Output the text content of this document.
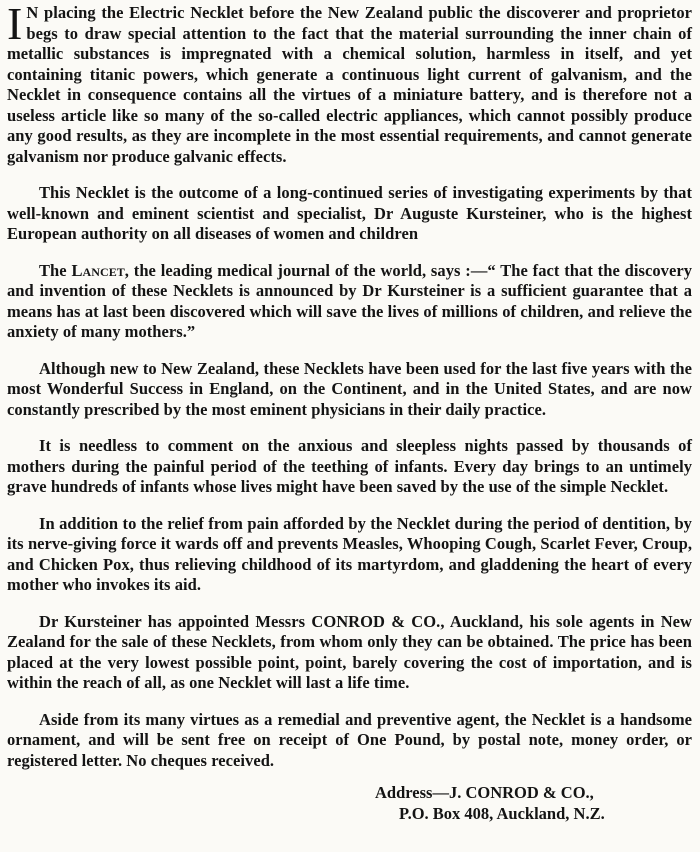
I N placing the Electric Necklet before the New Zealand public the discoverer and proprietor begs to draw special attention to the fact that the material surrounding the inner chain of metallic substances is impregnated with a chemical solution, harmless in itself, and yet containing titanic powers, which generate a continuous light current of galvanism, and the Necklet in consequence contains all the virtues of a miniature battery, and is therefore not a useless article like so many of the so-called electric appliances, which cannot possibly produce any good results, as they are incomplete in the most essential requirements, and cannot generate galvanism nor produce galvanic effects.

This Necklet is the outcome of a long-continued series of investigating experiments by that well-known and eminent scientist and specialist, Dr Auguste Kursteiner, who is the highest European authority on all diseases of women and children

The Lancet, the leading medical journal of the world, says :—“ The fact that the discovery and invention of these Necklets is announced by Dr Kursteiner is a sufficient guarantee that a means has at last been discovered which will save the lives of millions of children, and relieve the anxiety of many mothers.”

Although new to New Zealand, these Necklets have been used for the last five years with the most Wonderful Success in England, on the Continent, and in the United States, and are now constantly prescribed by the most eminent physicians in their daily practice.

It is needless to comment on the anxious and sleepless nights passed by thousands of mothers during the painful period of the teething of infants. Every day brings to an untimely grave hundreds of infants whose lives might have been saved by the use of the simple Necklet.

In addition to the relief from pain afforded by the Necklet during the period of dentition, by its nerve-giving force it wards off and prevents Measles, Whooping Cough, Scarlet Fever, Croup, and Chicken Pox, thus relieving childhood of its martyrdom, and gladdening the heart of every mother who invokes its aid.

Dr Kursteiner has appointed Messrs CONROD & CO., Auckland, his sole agents in New Zealand for the sale of these Necklets, from whom only they can be obtained. The price has been placed at the very lowest possible point, point, barely covering the cost of importation, and is within the reach of all, as one Necklet will last a life time.

Aside from its many virtues as a remedial and preventive agent, the Necklet is a handsome ornament, and will be sent free on receipt of One Pound, by postal note, money order, or registered letter. No cheques received.

Address—J. CONROD & CO.,
P.O. Box 408, Auckland, N.Z.
